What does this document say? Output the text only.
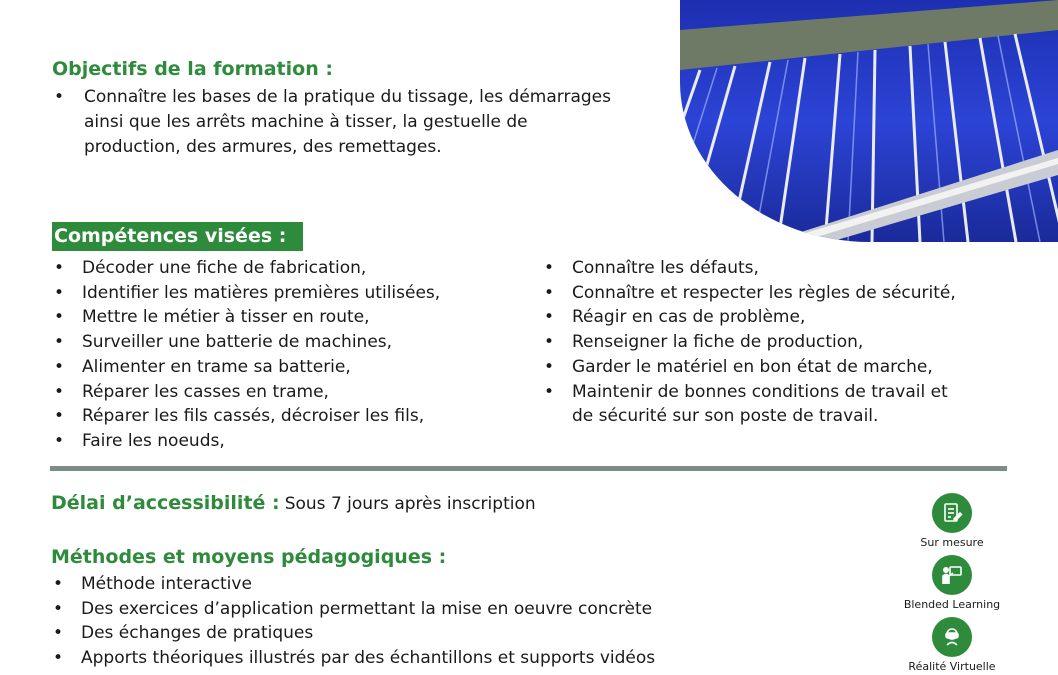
Objectifs de la formation :
• Connaître les bases de la pratique du tissage, les démarrages ainsi que les arrêts machine à tisser, la gestuelle de production, des armures, des remettages.
Compétences visées :
• Décoder une fiche de fabrication,
• Identifier les matières premières utilisées,
• Mettre le métier à tisser en route,
• Surveiller une batterie de machines,
• Alimenter en trame sa batterie,
• Réparer les casses en trame,
• Réparer les fils cassés, décroiser les fils,
• Faire les noeuds,
• Connaître les défauts,
• Connaître et respecter les règles de sécurité,
• Réagir en cas de problème,
• Renseigner la fiche de production,
• Garder le matériel en bon état de marche,
• Maintenir de bonnes conditions de travail et
de sécurité sur son poste de travail.
Délai d’accessibilité : Sous 7 jours après inscription
Méthodes et moyens pédagogiques :
• Méthode interactive
• Des exercices d’application permettant la mise en oeuvre concrète
• Des échanges de pratiques
• Apports théoriques illustrés par des échantillons et supports vidéos
Sur mesure
Blended Learning
Réalité Virtuelle
